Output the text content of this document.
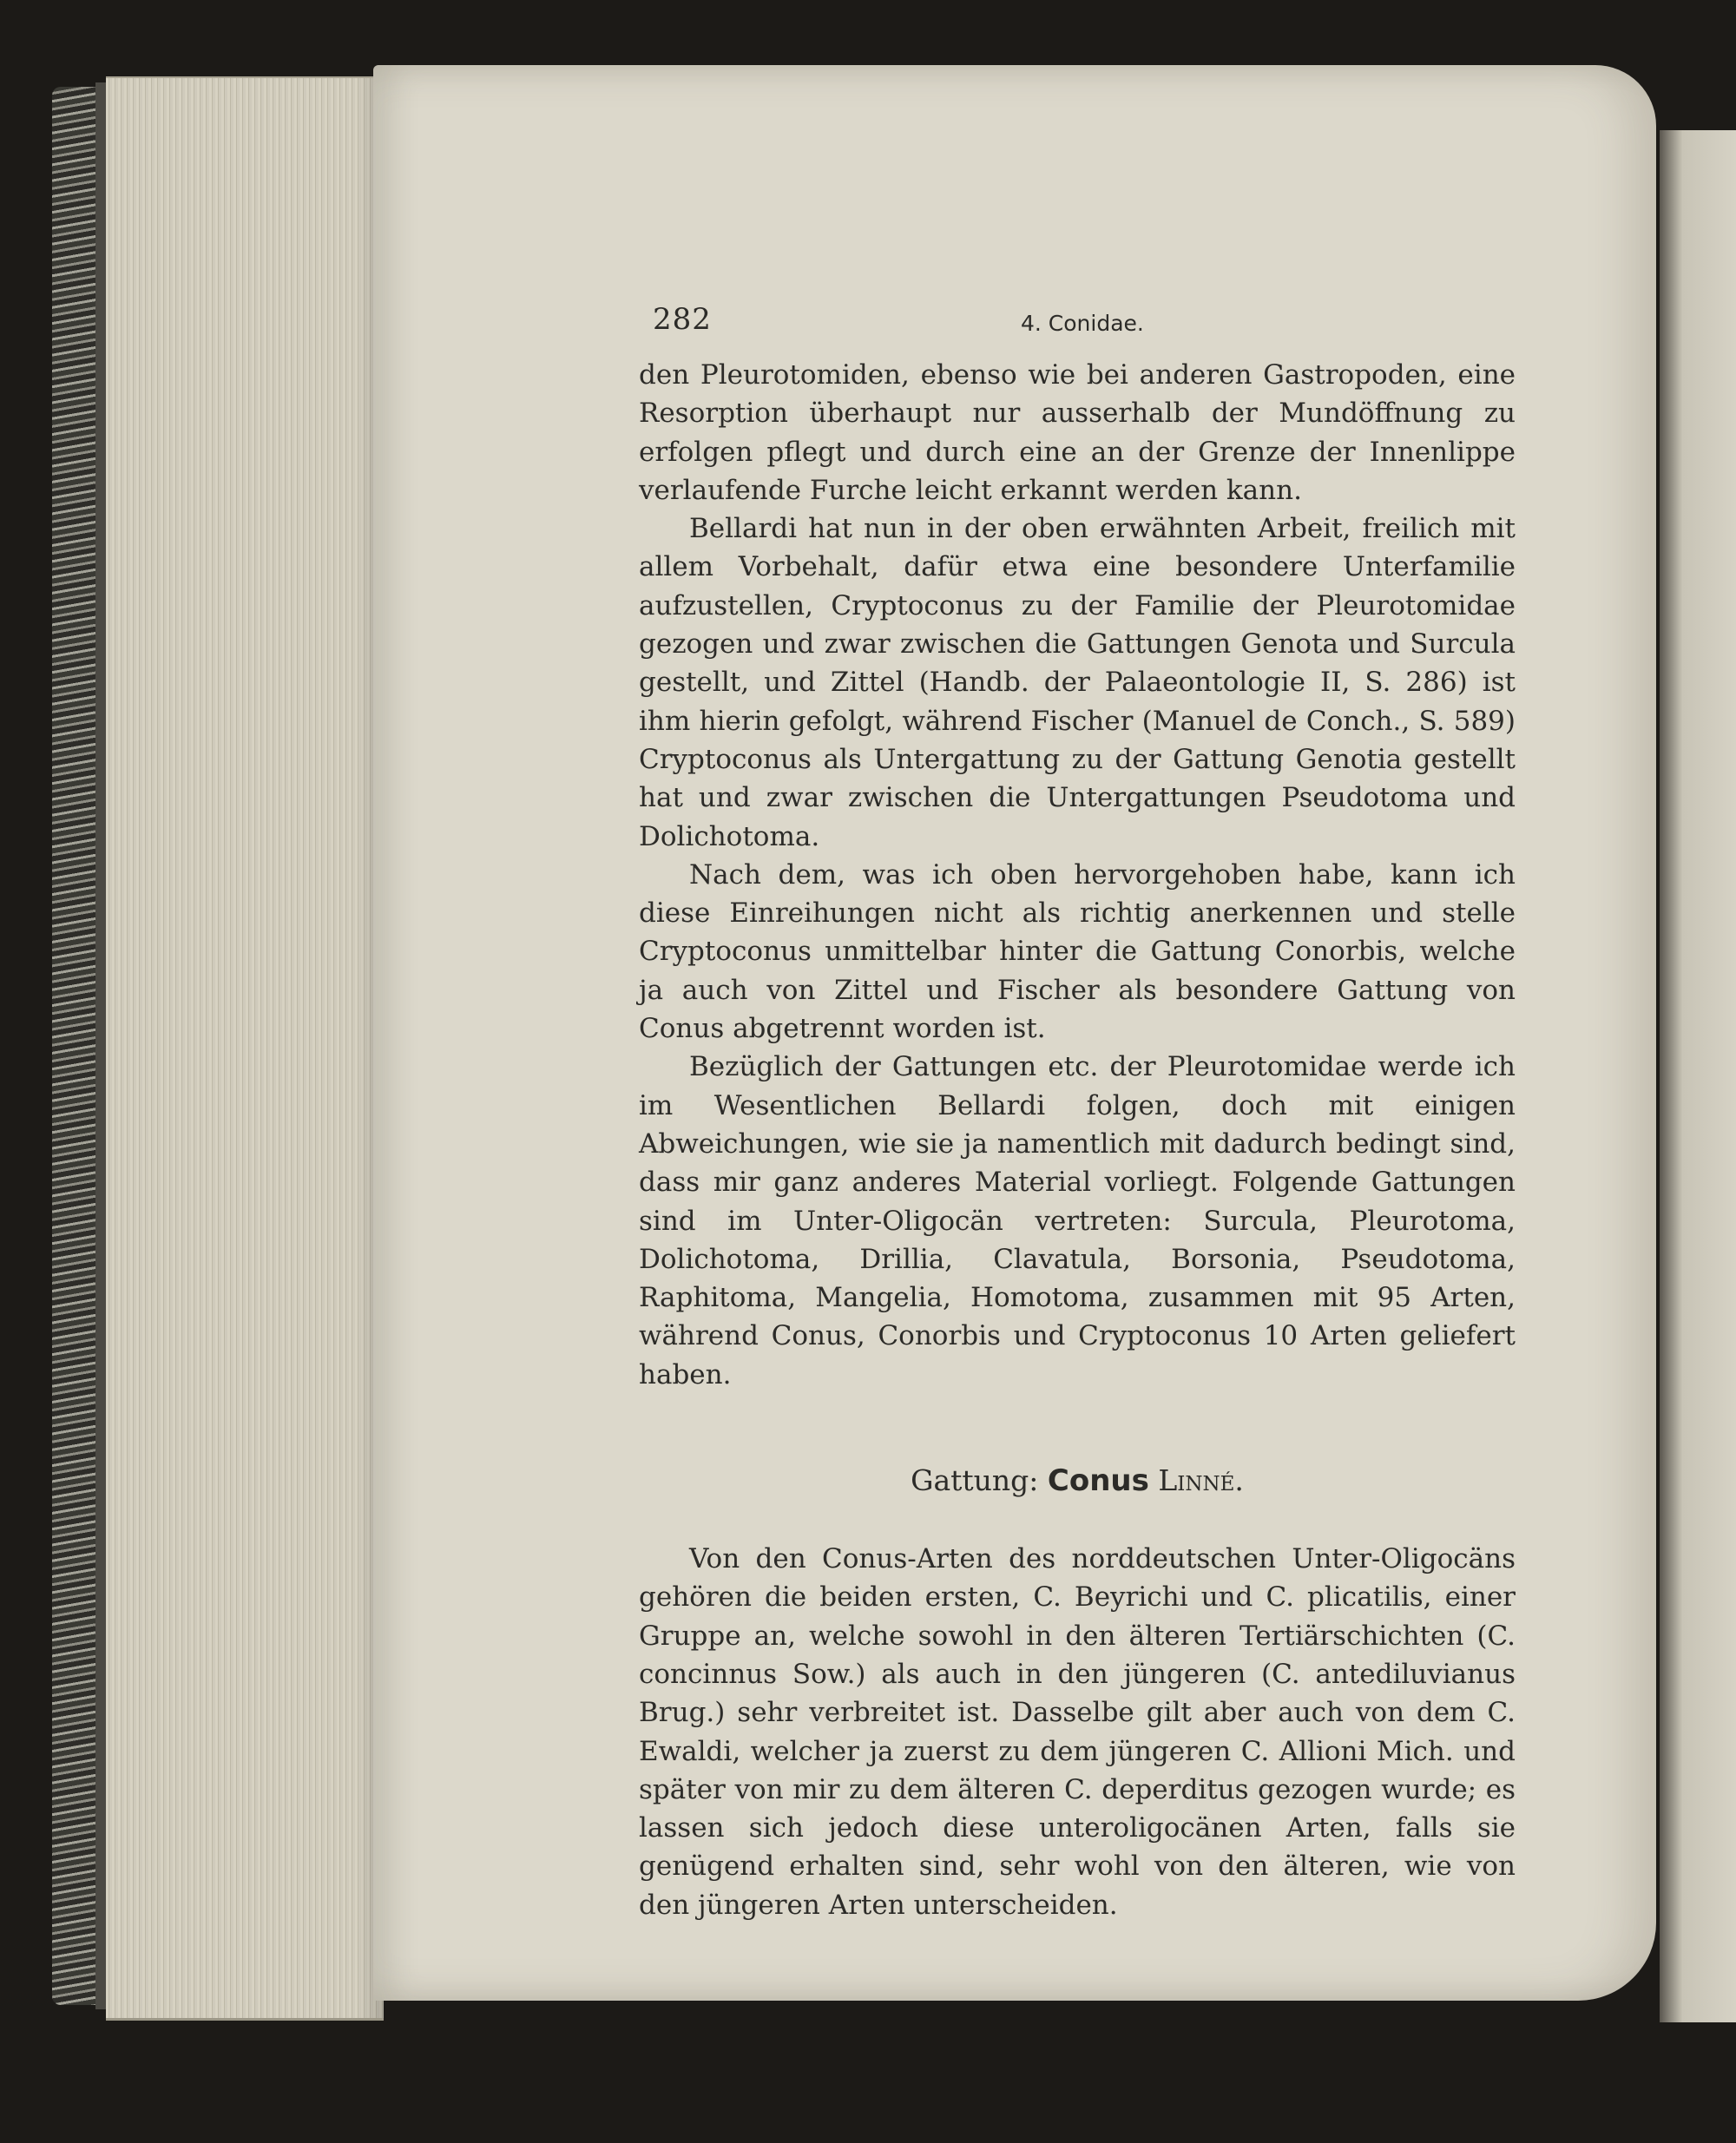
282	4. Conidae.

den Pleurotomiden, ebenso wie bei anderen Gastropoden, eine Resorption überhaupt nur ausserhalb der Mundöffnung zu erfolgen pflegt und durch eine an der Grenze der Innenlippe verlaufende Furche leicht erkannt werden kann.

Bellardi hat nun in der oben erwähnten Arbeit, freilich mit allem Vorbehalt, dafür etwa eine besondere Unterfamilie aufzustellen, Cryptoconus zu der Familie der Pleurotomidae gezogen und zwar zwischen die Gattungen Genota und Surcula gestellt, und Zittel (Handb. der Palaeontologie II, S. 286) ist ihm hierin gefolgt, während Fischer (Manuel de Conch., S. 589) Cryptoconus als Untergattung zu der Gattung Genotia gestellt hat und zwar zwischen die Untergattungen Pseudotoma und Dolichotoma.

Nach dem, was ich oben hervorgehoben habe, kann ich diese Einreihungen nicht als richtig anerkennen und stelle Cryptoconus unmittelbar hinter die Gattung Conorbis, welche ja auch von Zittel und Fischer als besondere Gattung von Conus abgetrennt worden ist.

Bezüglich der Gattungen etc. der Pleurotomidae werde ich im Wesentlichen Bellardi folgen, doch mit einigen Abweichungen, wie sie ja namentlich mit dadurch bedingt sind, dass mir ganz anderes Material vorliegt. Folgende Gattungen sind im Unter-Oligocän vertreten: Surcula, Pleurotoma, Dolichotoma, Drillia, Clavatula, Borsonia, Pseudotoma, Raphitoma, Mangelia, Homotoma, zusammen mit 95 Arten, während Conus, Conorbis und Cryptoconus 10 Arten geliefert haben.

Gattung: Conus Linné.

Von den Conus-Arten des norddeutschen Unter-Oligocäns gehören die beiden ersten, C. Beyrichi und C. plicatilis, einer Gruppe an, welche sowohl in den älteren Tertiärschichten (C. concinnus Sow.) als auch in den jüngeren (C. antediluvianus Brug.) sehr verbreitet ist. Dasselbe gilt aber auch von dem C. Ewaldi, welcher ja zuerst zu dem jüngeren C. Allioni Mich. und später von mir zu dem älteren C. deperditus gezogen wurde; es lassen sich jedoch diese unteroligocänen Arten, falls sie genügend erhalten sind, sehr wohl von den älteren, wie von den jüngeren Arten unterscheiden.
